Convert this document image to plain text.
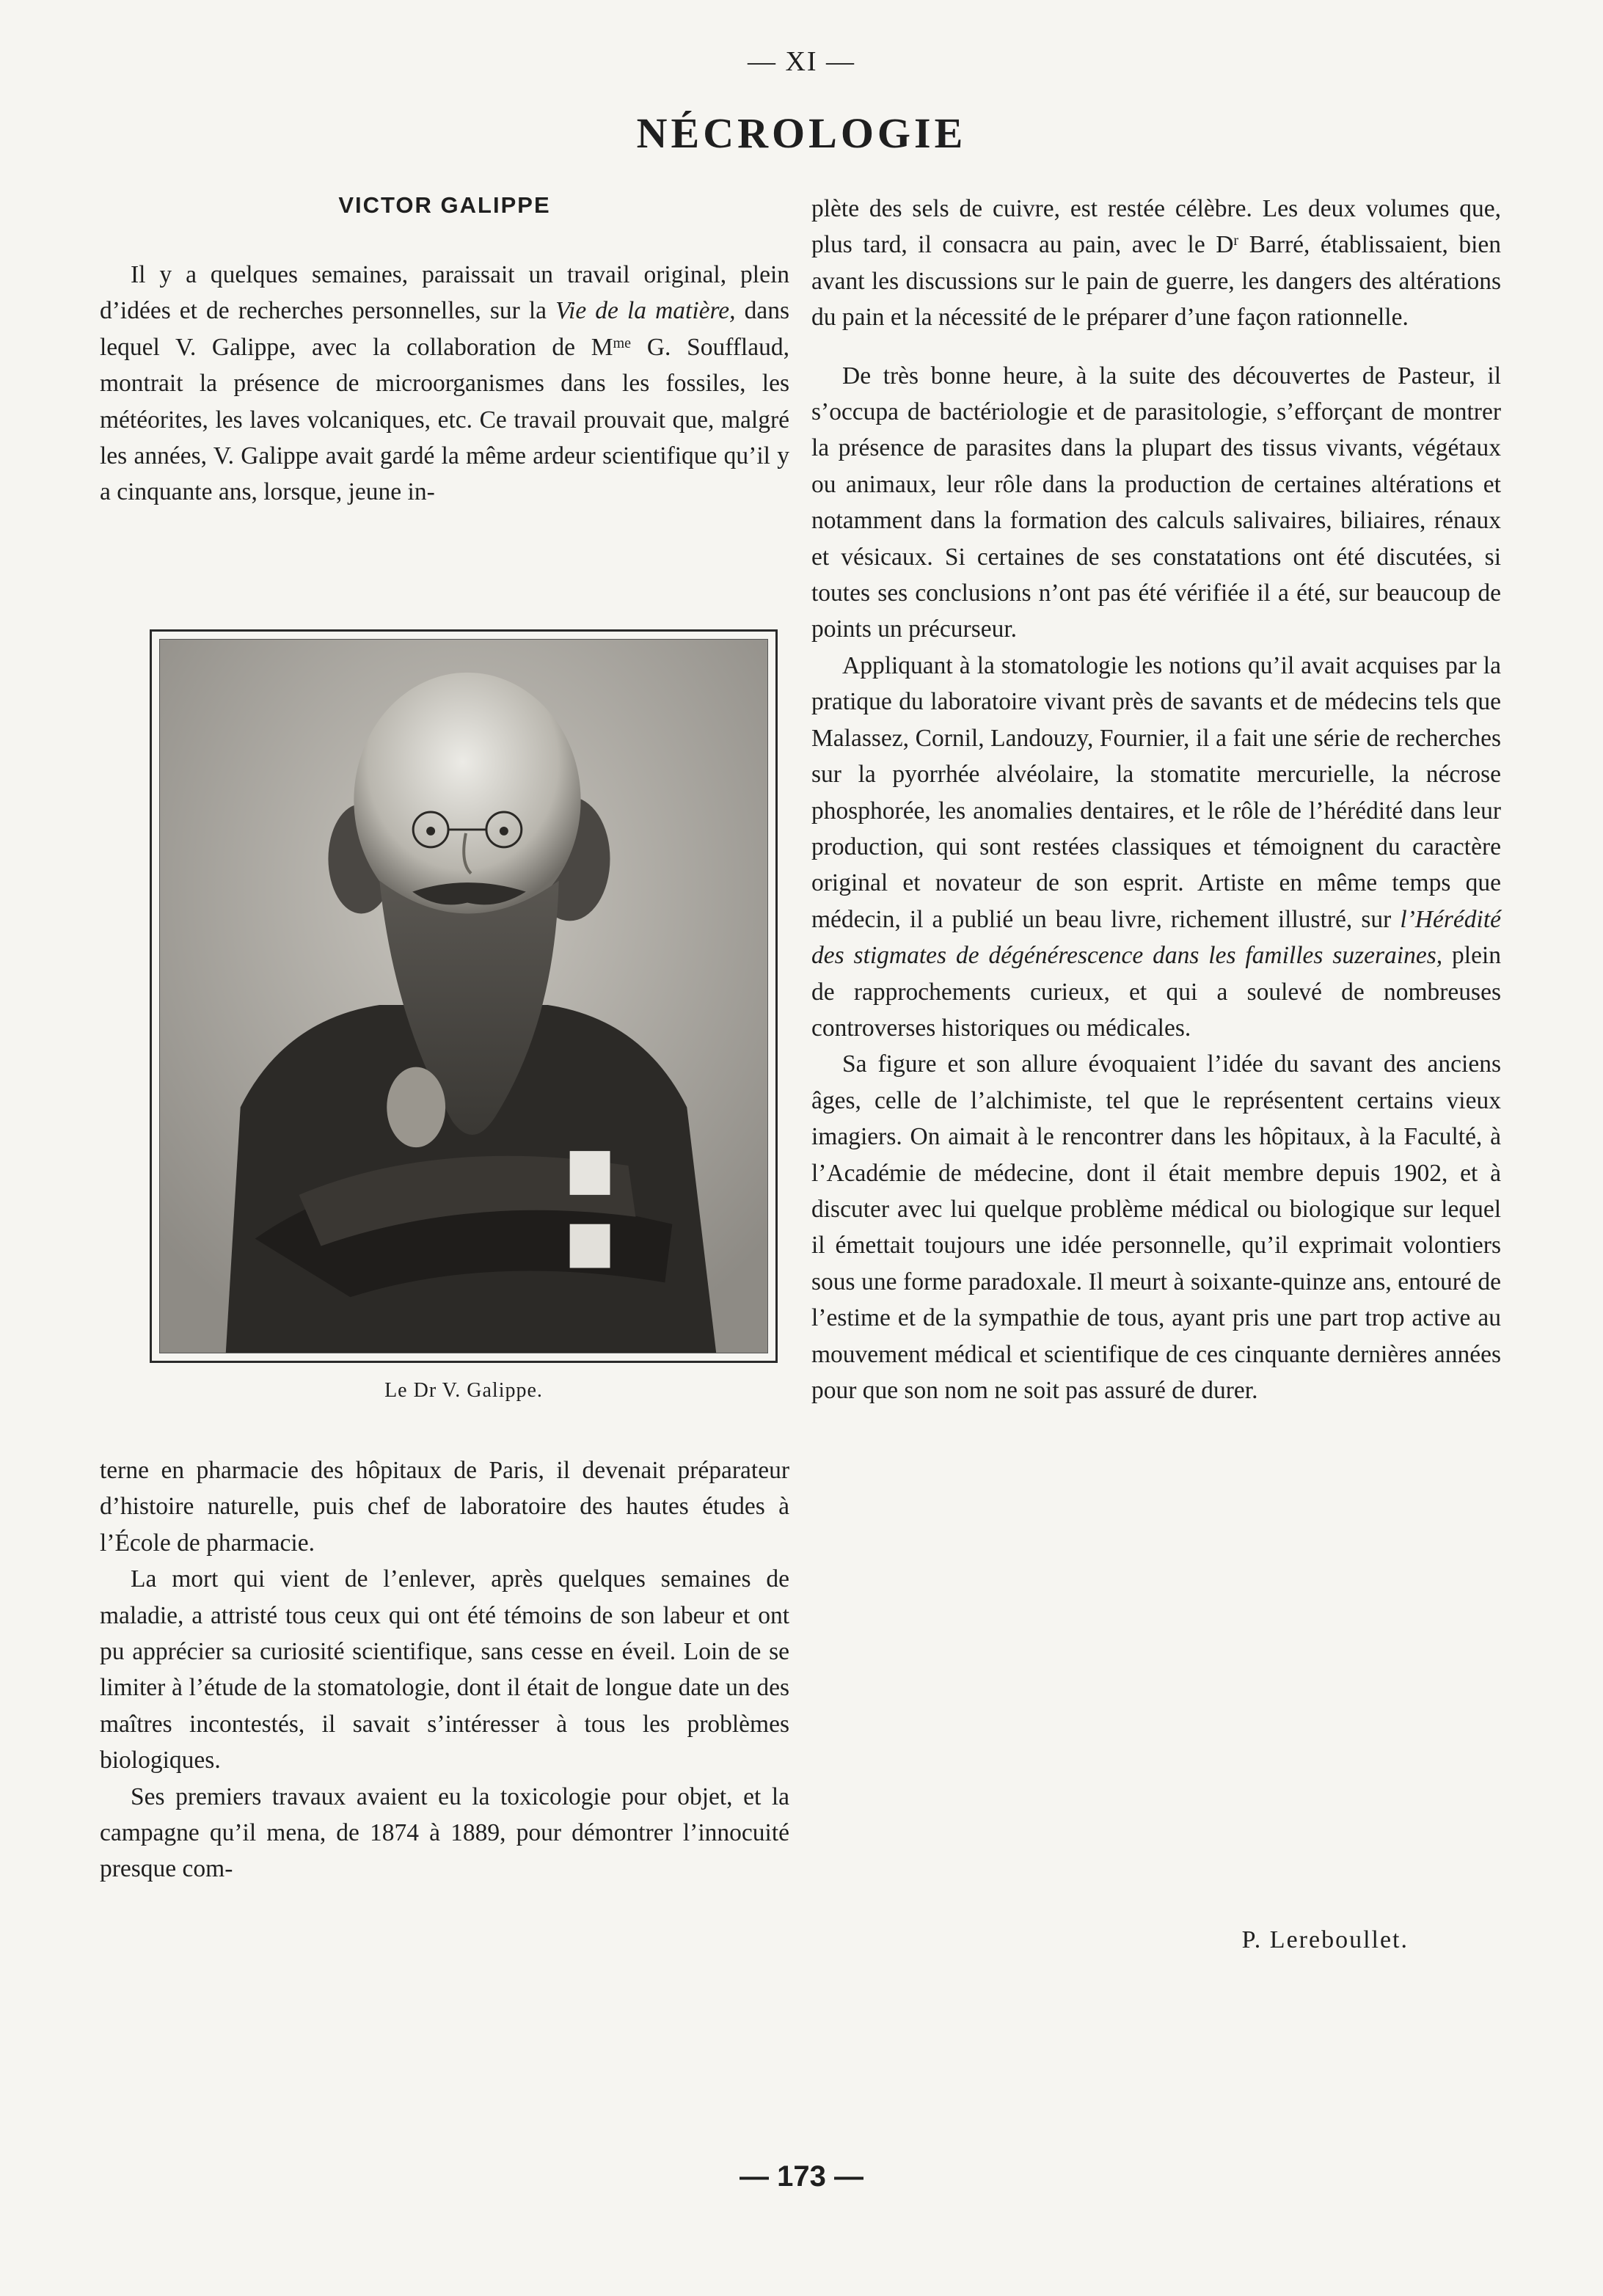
— XI —
NÉCROLOGIE
VICTOR GALIPPE

Il y a quelques semaines, paraissait un travail original, plein d’idées et de recherches personnelles, sur la Vie de la matière, dans lequel V. Galippe, avec la collaboration de $M^{me}$ G. Soufflaud, montrait la présence de microorganismes dans les fossiles, les météorites, les laves volcaniques, etc. Ce travail prouvait que, malgré les années, V. Galippe avait gardé la même ardeur scientifique qu’il y a cinquante ans, lorsque, jeune in-

Le Dr V. Galippe.

terne en pharmacie des hôpitaux de Paris, il devenait préparateur d’histoire naturelle, puis chef de laboratoire des hautes études à l’École de pharmacie.

La mort qui vient de l’enlever, après quelques semaines de maladie, a attristé tous ceux qui ont été témoins de son labeur et ont pu apprécier sa curiosité scientifique, sans cesse en éveil. Loin de se limiter à l’étude de la stomatologie, dont il était de longue date un des maîtres incontestés, il savait s’intéresser à tous les problèmes biologiques.

Ses premiers travaux avaient eu la toxicologie pour objet, et la campagne qu’il mena, de 1874 à 1889, pour démontrer l’innocuité presque com-

plète des sels de cuivre, est restée célèbre. Les deux volumes que, plus tard, il consacra au pain, avec le $D^r$ Barré, établissaient, bien avant les discussions sur le pain de guerre, les dangers des altérations du pain et la nécessité de le préparer d’une façon rationnelle.

De très bonne heure, à la suite des découvertes de Pasteur, il s’occupa de bactériologie et de parasitologie, s’efforçant de montrer la présence de parasites dans la plupart des tissus vivants, végétaux ou animaux, leur rôle dans la production de certaines altérations et notamment dans la formation des calculs salivaires, biliaires, rénaux et vésicaux. Si certaines de ses constatations ont été discutées, si toutes ses conclusions n’ont pas été vérifiée il a été, sur beaucoup de points un précurseur.

Appliquant à la stomatologie les notions qu’il avait acquises par la pratique du laboratoire vivant près de savants et de médecins tels que Malassez, Cornil, Landouzy, Fournier, il a fait une série de recherches sur la pyorrhée alvéolaire, la stomatite mercurielle, la nécrose phosphorée, les anomalies dentaires, et le rôle de l’hérédité dans leur production, qui sont restées classiques et témoignent du caractère original et novateur de son esprit. Artiste en même temps que médecin, il a publié un beau livre, richement illustré, sur l’Hérédité des stigmates de dégénérescence dans les familles suzeraines, plein de rapprochements curieux, et qui a soulevé de nombreuses controverses historiques ou médicales.

Sa figure et son allure évoquaient l’idée du savant des anciens âges, celle de l’alchimiste, tel que le représentent certains vieux imagiers. On aimait à le rencontrer dans les hôpitaux, à la Faculté, à l’Académie de médecine, dont il était membre depuis 1902, et à discuter avec lui quelque problème médical ou biologique sur lequel il émettait toujours une idée personnelle, qu’il exprimait volontiers sous une forme paradoxale. Il meurt à soixante-quinze ans, entouré de l’estime et de la sympathie de tous, ayant pris une part trop active au mouvement médical et scientifique de ces cinquante dernières années pour que son nom ne soit pas assuré de durer.

P. Lereboullet.
— 173 —
